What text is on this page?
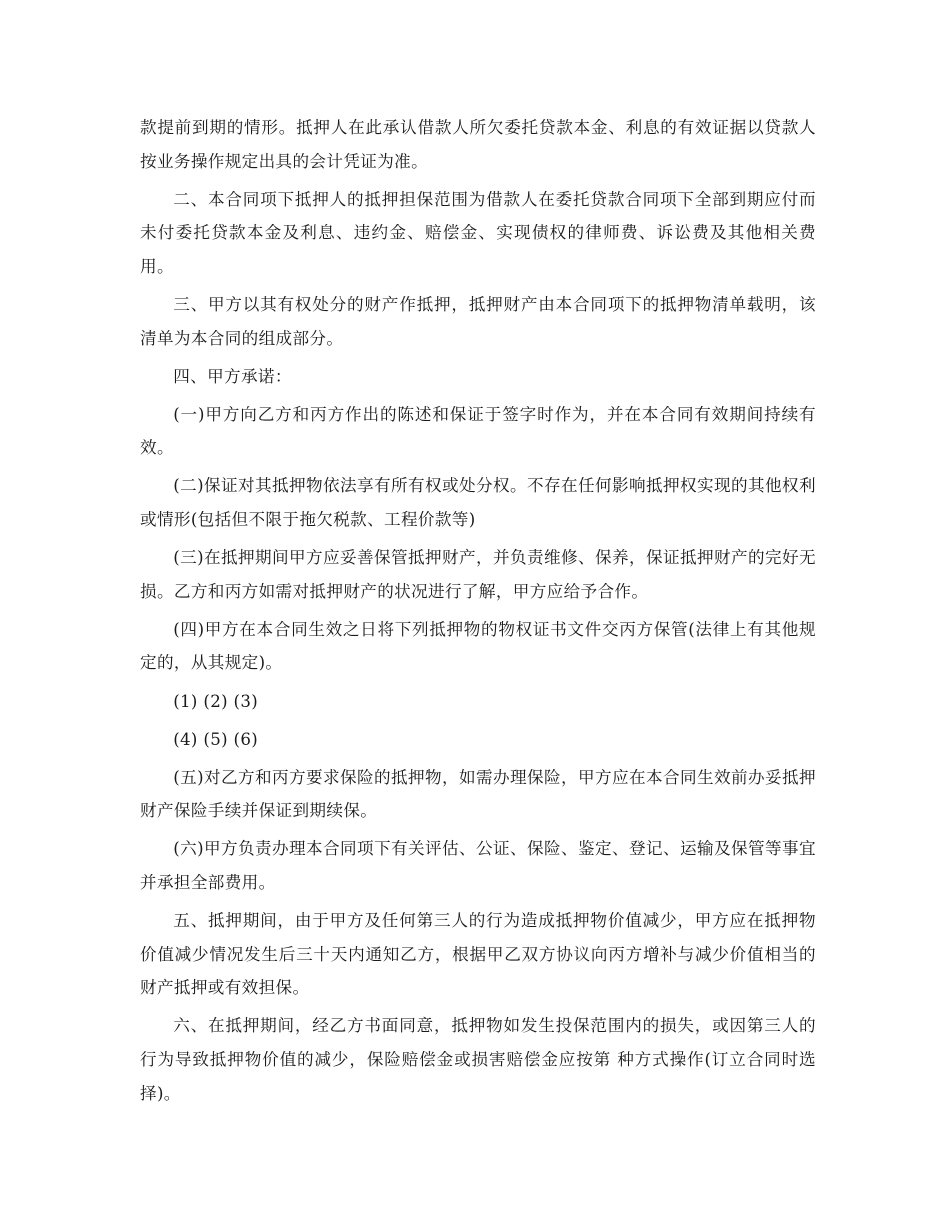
款提前到期的情形。抵押人在此承认借款人所欠委托贷款本金、利息的有效证据以贷款人按业务操作规定出具的会计凭证为准。

二、本合同项下抵押人的抵押担保范围为借款人在委托贷款合同项下全部到期应付而未付委托贷款本金及利息、违约金、赔偿金、实现债权的律师费、诉讼费及其他相关费用。

三、甲方以其有权处分的财产作抵押，抵押财产由本合同项下的抵押物清单载明，该清单为本合同的组成部分。

四、甲方承诺：

(一)甲方向乙方和丙方作出的陈述和保证于签字时作为，并在本合同有效期间持续有效。

(二)保证对其抵押物依法享有所有权或处分权。不存在任何影响抵押权实现的其他权利或情形(包括但不限于拖欠税款、工程价款等)

(三)在抵押期间甲方应妥善保管抵押财产，并负责维修、保养，保证抵押财产的完好无损。乙方和丙方如需对抵押财产的状况进行了解，甲方应给予合作。

(四)甲方在本合同生效之日将下列抵押物的物权证书文件交丙方保管(法律上有其他规定的，从其规定)。

(1) (2) (3)

(4) (5) (6)

(五)对乙方和丙方要求保险的抵押物，如需办理保险，甲方应在本合同生效前办妥抵押财产保险手续并保证到期续保。

(六)甲方负责办理本合同项下有关评估、公证、保险、鉴定、登记、运输及保管等事宜并承担全部费用。

五、抵押期间，由于甲方及任何第三人的行为造成抵押物价值减少，甲方应在抵押物价值减少情况发生后三十天内通知乙方，根据甲乙双方协议向丙方增补与减少价值相当的财产抵押或有效担保。

六、在抵押期间，经乙方书面同意，抵押物如发生投保范围内的损失，或因第三人的行为导致抵押物价值的减少，保险赔偿金或损害赔偿金应按第 种方式操作(订立合同时选择)。
